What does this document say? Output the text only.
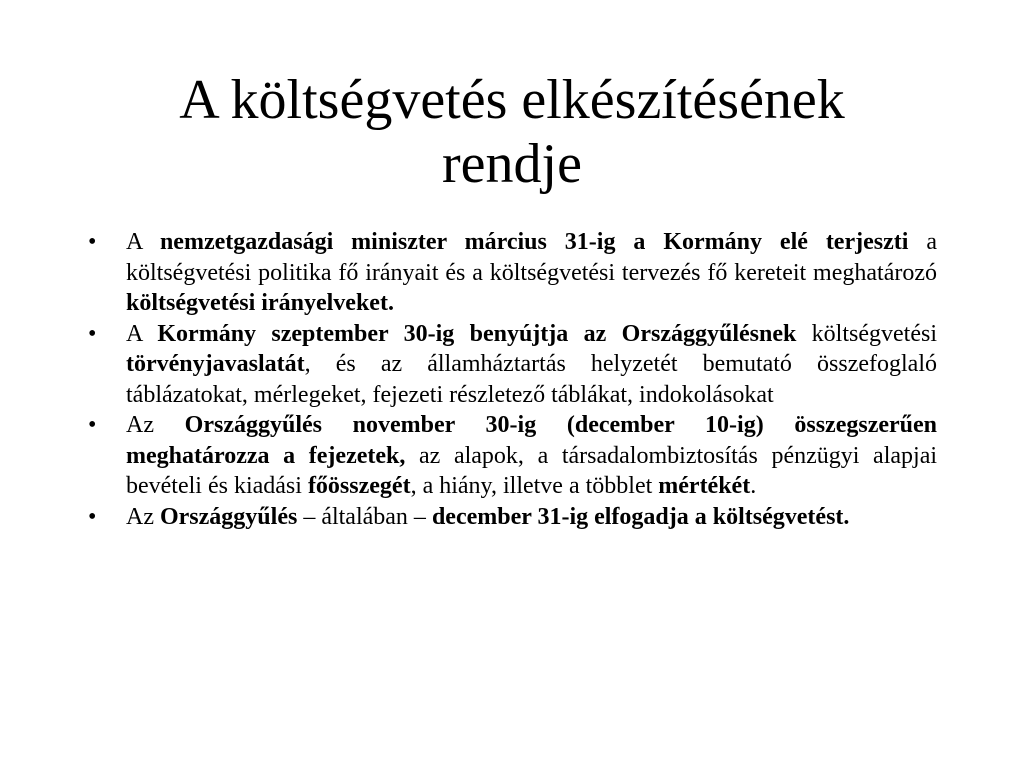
A költségvetés elkészítésének
rendje
•	A nemzetgazdasági miniszter március 31-ig a Kormány elé terjeszti a költségvetési politika fő irányait és a költségvetési tervezés fő kereteit meghatározó költségvetési irányelveket.
•	A Kormány szeptember 30-ig benyújtja az Országgyűlésnek költségvetési törvényjavaslatát, és az államháztartás helyzetét bemutató összefoglaló táblázatokat, mérlegeket, fejezeti részletező táblákat, indokolásokat
•	Az Országgyűlés november 30-ig (december 10-ig) összegszerűen meghatározza a fejezetek, az alapok, a társadalombiztosítás pénzügyi alapjai bevételi és kiadási főösszegét, a hiány, illetve a többlet mértékét.
•	Az Országgyűlés – általában – december 31-ig elfogadja a költségvetést.
